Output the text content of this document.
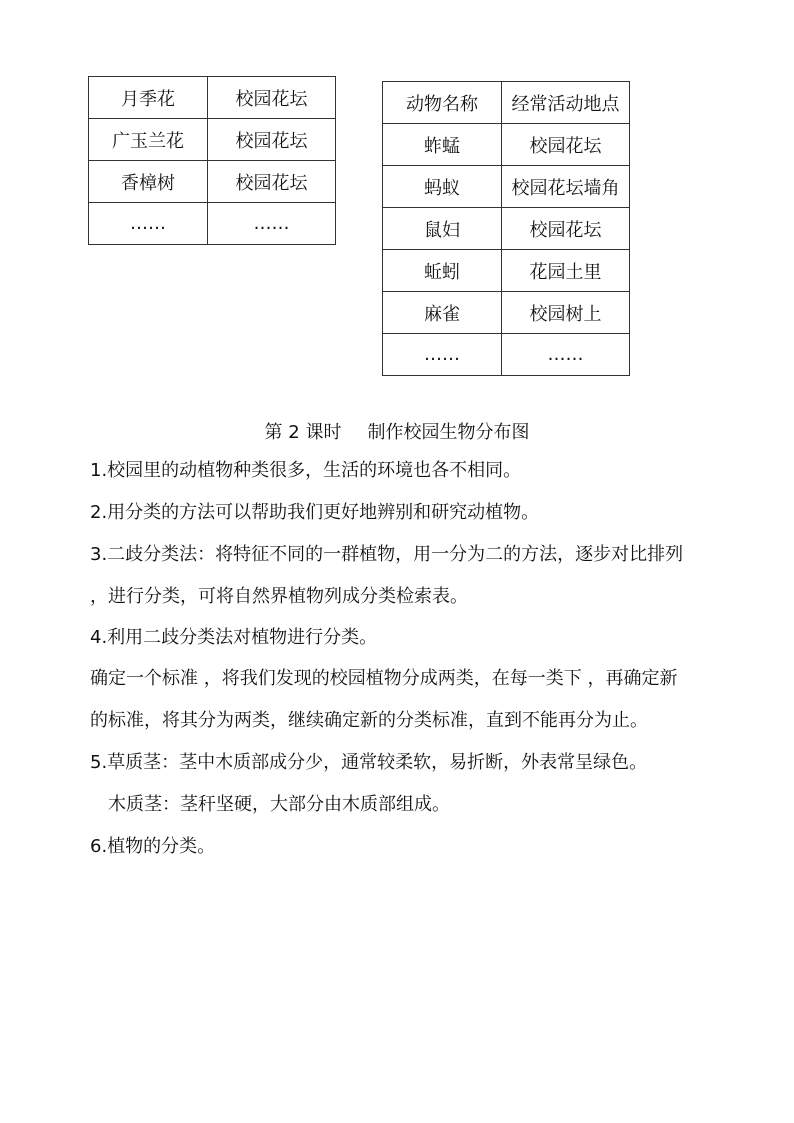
月季花	校园花坛
广玉兰花	校园花坛
香樟树	校园花坛
……	……
动物名称	经常活动地点
蚱蜢	校园花坛
蚂蚁	校园花坛墙角
鼠妇	校园花坛
蚯蚓	花园土里
麻雀	校园树上
……	……
第 2 课时 制作校园生物分布图

1.校园里的动植物种类很多，生活的环境也各不相同。

2.用分类的方法可以帮助我们更好地辨别和研究动植物。

3.二歧分类法：将特征不同的一群植物，用一分为二的方法，逐步对比排列

，进行分类，可将自然界植物列成分类检索表。

4.利用二歧分类法对植物进行分类。

确定一个标准 ，将我们发现的校园植物分成两类，在每一类下 ，再确定新

的标准，将其分为两类，继续确定新的分类标准，直到不能再分为止。

5.草质茎：茎中木质部成分少，通常较柔软，易折断，外表常呈绿色。

木质茎：茎秆坚硬，大部分由木质部组成。

6.植物的分类。
